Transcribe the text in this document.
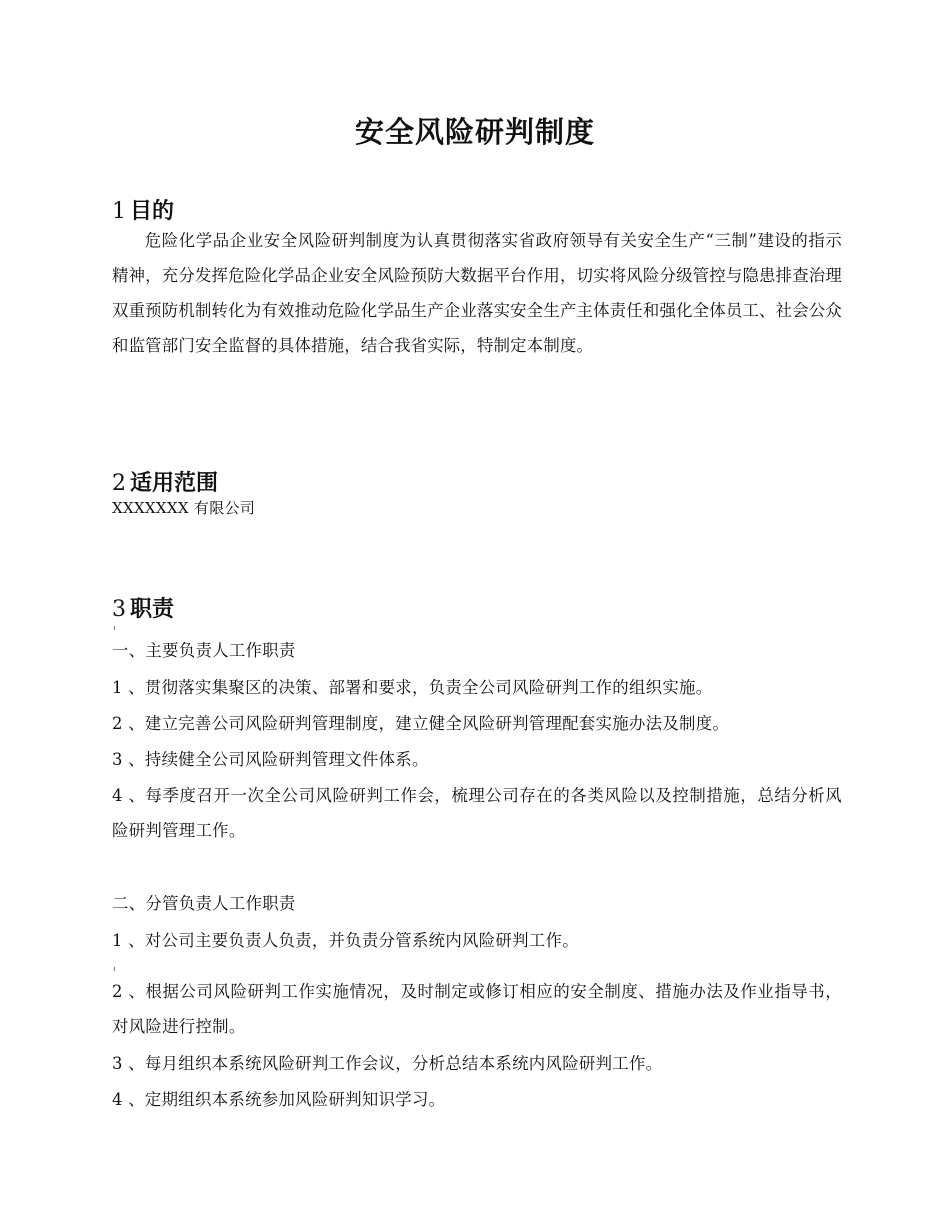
安全风险研判制度
1 目的

危险化学品企业安全风险研判制度为认真贯彻落实省政府领导有关安全生产“三制”建设的指示精神，充分发挥危险化学品企业安全风险预防大数据平台作用，切实将风险分级管控与隐患排查治理双重预防机制转化为有效推动危险化学品生产企业落实安全生产主体责任和强化全体员工、社会公众和监管部门安全监督的具体措施，结合我省实际，特制定本制度。

2 适用范围

XXXXXXX 有限公司

3 职责

一、主要负责人工作职责

1 、贯彻落实集聚区的决策、部署和要求，负责全公司风险研判工作的组织实施。

2 、建立完善公司风险研判管理制度，建立健全风险研判管理配套实施办法及制度。

3 、持续健全公司风险研判管理文件体系。

4 、每季度召开一次全公司风险研判工作会，梳理公司存在的各类风险以及控制措施，总结分析风险研判管理工作。

二、分管负责人工作职责

1 、对公司主要负责人负责，并负责分管系统内风险研判工作。

2 、根据公司风险研判工作实施情况，及时制定或修订相应的安全制度、措施办法及作业指导书，对风险进行控制。

3 、每月组织本系统风险研判工作会议，分析总结本系统内风险研判工作。

4 、定期组织本系统参加风险研判知识学习。
